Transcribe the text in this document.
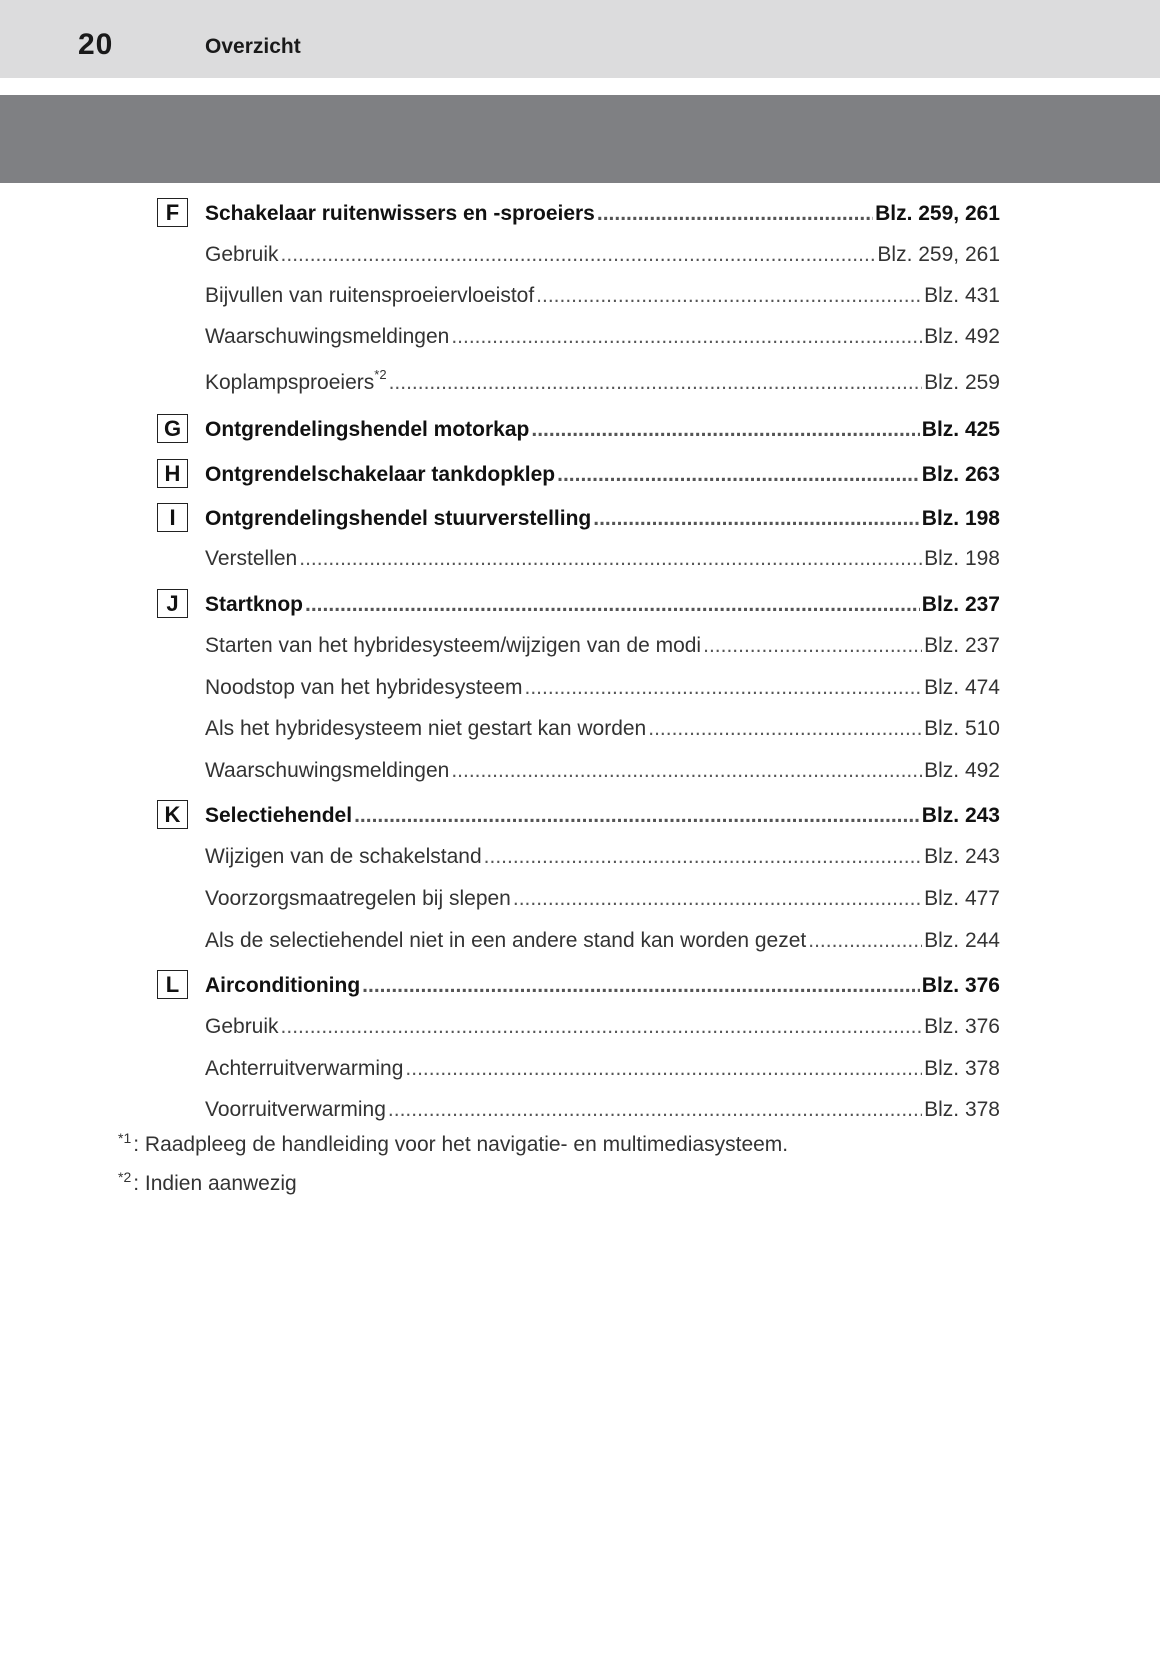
20	Overzicht
F	Schakelaar ruitenwissers en -sproeiers .....	Blz. 259, 261
Gebruik .....	Blz. 259, 261
Bijvullen van ruitensproeiervloeistof .....	Blz. 431
Waarschuwingsmeldingen .....	Blz. 492
Koplampsproeiers$^{*2}$ .....	Blz. 259
G	Ontgrendelingshendel motorkap .....	Blz. 425
H	Ontgrendelschakelaar tankdopklep .....	Blz. 263
I	Ontgrendelingshendel stuurverstelling .....	Blz. 198
Verstellen .....	Blz. 198
J	Startknop .....	Blz. 237
Starten van het hybridesysteem/wijzigen van de modi .....	Blz. 237
Noodstop van het hybridesysteem .....	Blz. 474
Als het hybridesysteem niet gestart kan worden .....	Blz. 510
Waarschuwingsmeldingen .....	Blz. 492
K	Selectiehendel .....	Blz. 243
Wijzigen van de schakelstand .....	Blz. 243
Voorzorgsmaatregelen bij slepen .....	Blz. 477
Als de selectiehendel niet in een andere stand kan worden gezet .....	Blz. 244
L	Airconditioning .....	Blz. 376
Gebruik .....	Blz. 376
Achterruitverwarming .....	Blz. 378
Voorruitverwarming .....	Blz. 378
$^{*1}$: Raadpleeg de handleiding voor het navigatie- en multimediasysteem.
$^{*2}$: Indien aanwezig
